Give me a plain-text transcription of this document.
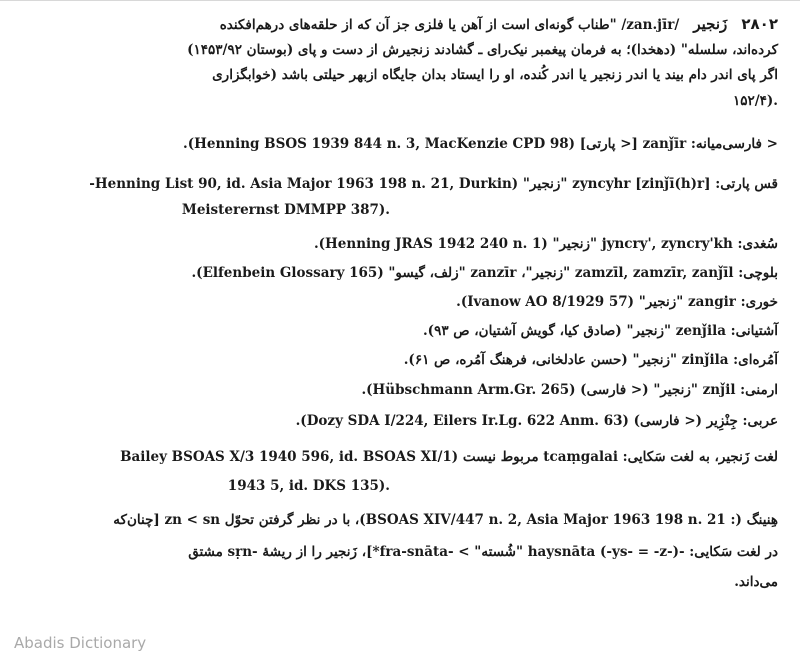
۲۸۰۲   زَنجیر   /zan.jīr/ "طناب گونه‌ای است از آهن یا فلزی جز آن که از حلقه‌های درهم‌افکنده
کرده‌اند، سلسله" (دهخدا)؛ به فرمان پیغمبر نیک‌رای ـ گشادند زنجیرش از دست و پای (بوستان ۱۴۵۳/۹۲)
اگر پای اندر دام بیند یا اندر زنجیر یا اندر کُنده، او را ایستاد بدان جایگاه ازبهر حیلتی باشد (خوابگزاری
۱۵۲/۴).
< فارسی‌میانه: zanǰīr [< پارتی] (Henning BSOS 1939 844 n. 3, MacKenzie CPD 98).
قس پارتی: zyncyhr [zinǰī(h)r] "زنجیر" (Henning List 90, id. Asia Major 1963 198 n. 21, Durkin-
Meisterernst DMMPP 387).
سُغدی: jyncry', zyncry'kh "زنجیر" (Henning JRAS 1942 240 n. 1).
بلوچی: zamzīl, zamzīr, zanǰīl "زنجیر"، zanzīr "زلف، گیسو" (Elfenbein Glossary 165).
خوری: zangir "زنجیر" (Ivanow AO 8/1929 57).
آشتیانی: zenǰila "زنجیر" (صادق کیا، گویش آشتیان، ص ۹۳).
آمُره‌ای: zinǰila "زنجیر" (حسن عادلخانی، فرهنگ آمُره، ص ۶۱).
ارمنی: znǰil "زنجیر" (< فارسی) (Hübschmann Arm.Gr. 265).
عربی: جِنْزِیر (< فارسی) (Dozy SDA I/224, Eilers Ir.Lg. 622 Anm. 63).
لغت زَنجیر، به لغت سَکایی: tcaṃgalai مربوط نیست (Bailey BSOAS X/3 1940 596, id. BSOAS XI/1
1943 5, id. DKS 135).
هِنینگ (: BSOAS XIV/447 n. 2, Asia Major 1963 198 n. 21)، با در نظر گرفتن تحوّل zn < sn [چنان‌که
در لغت سَکایی: -haysnāta (-ys- = -z-) "شُسته" > -fra-snāta*]، زَنجیر را از ریشهٔ -sṛn مشتق
می‌داند.
Abadis Dictionary
